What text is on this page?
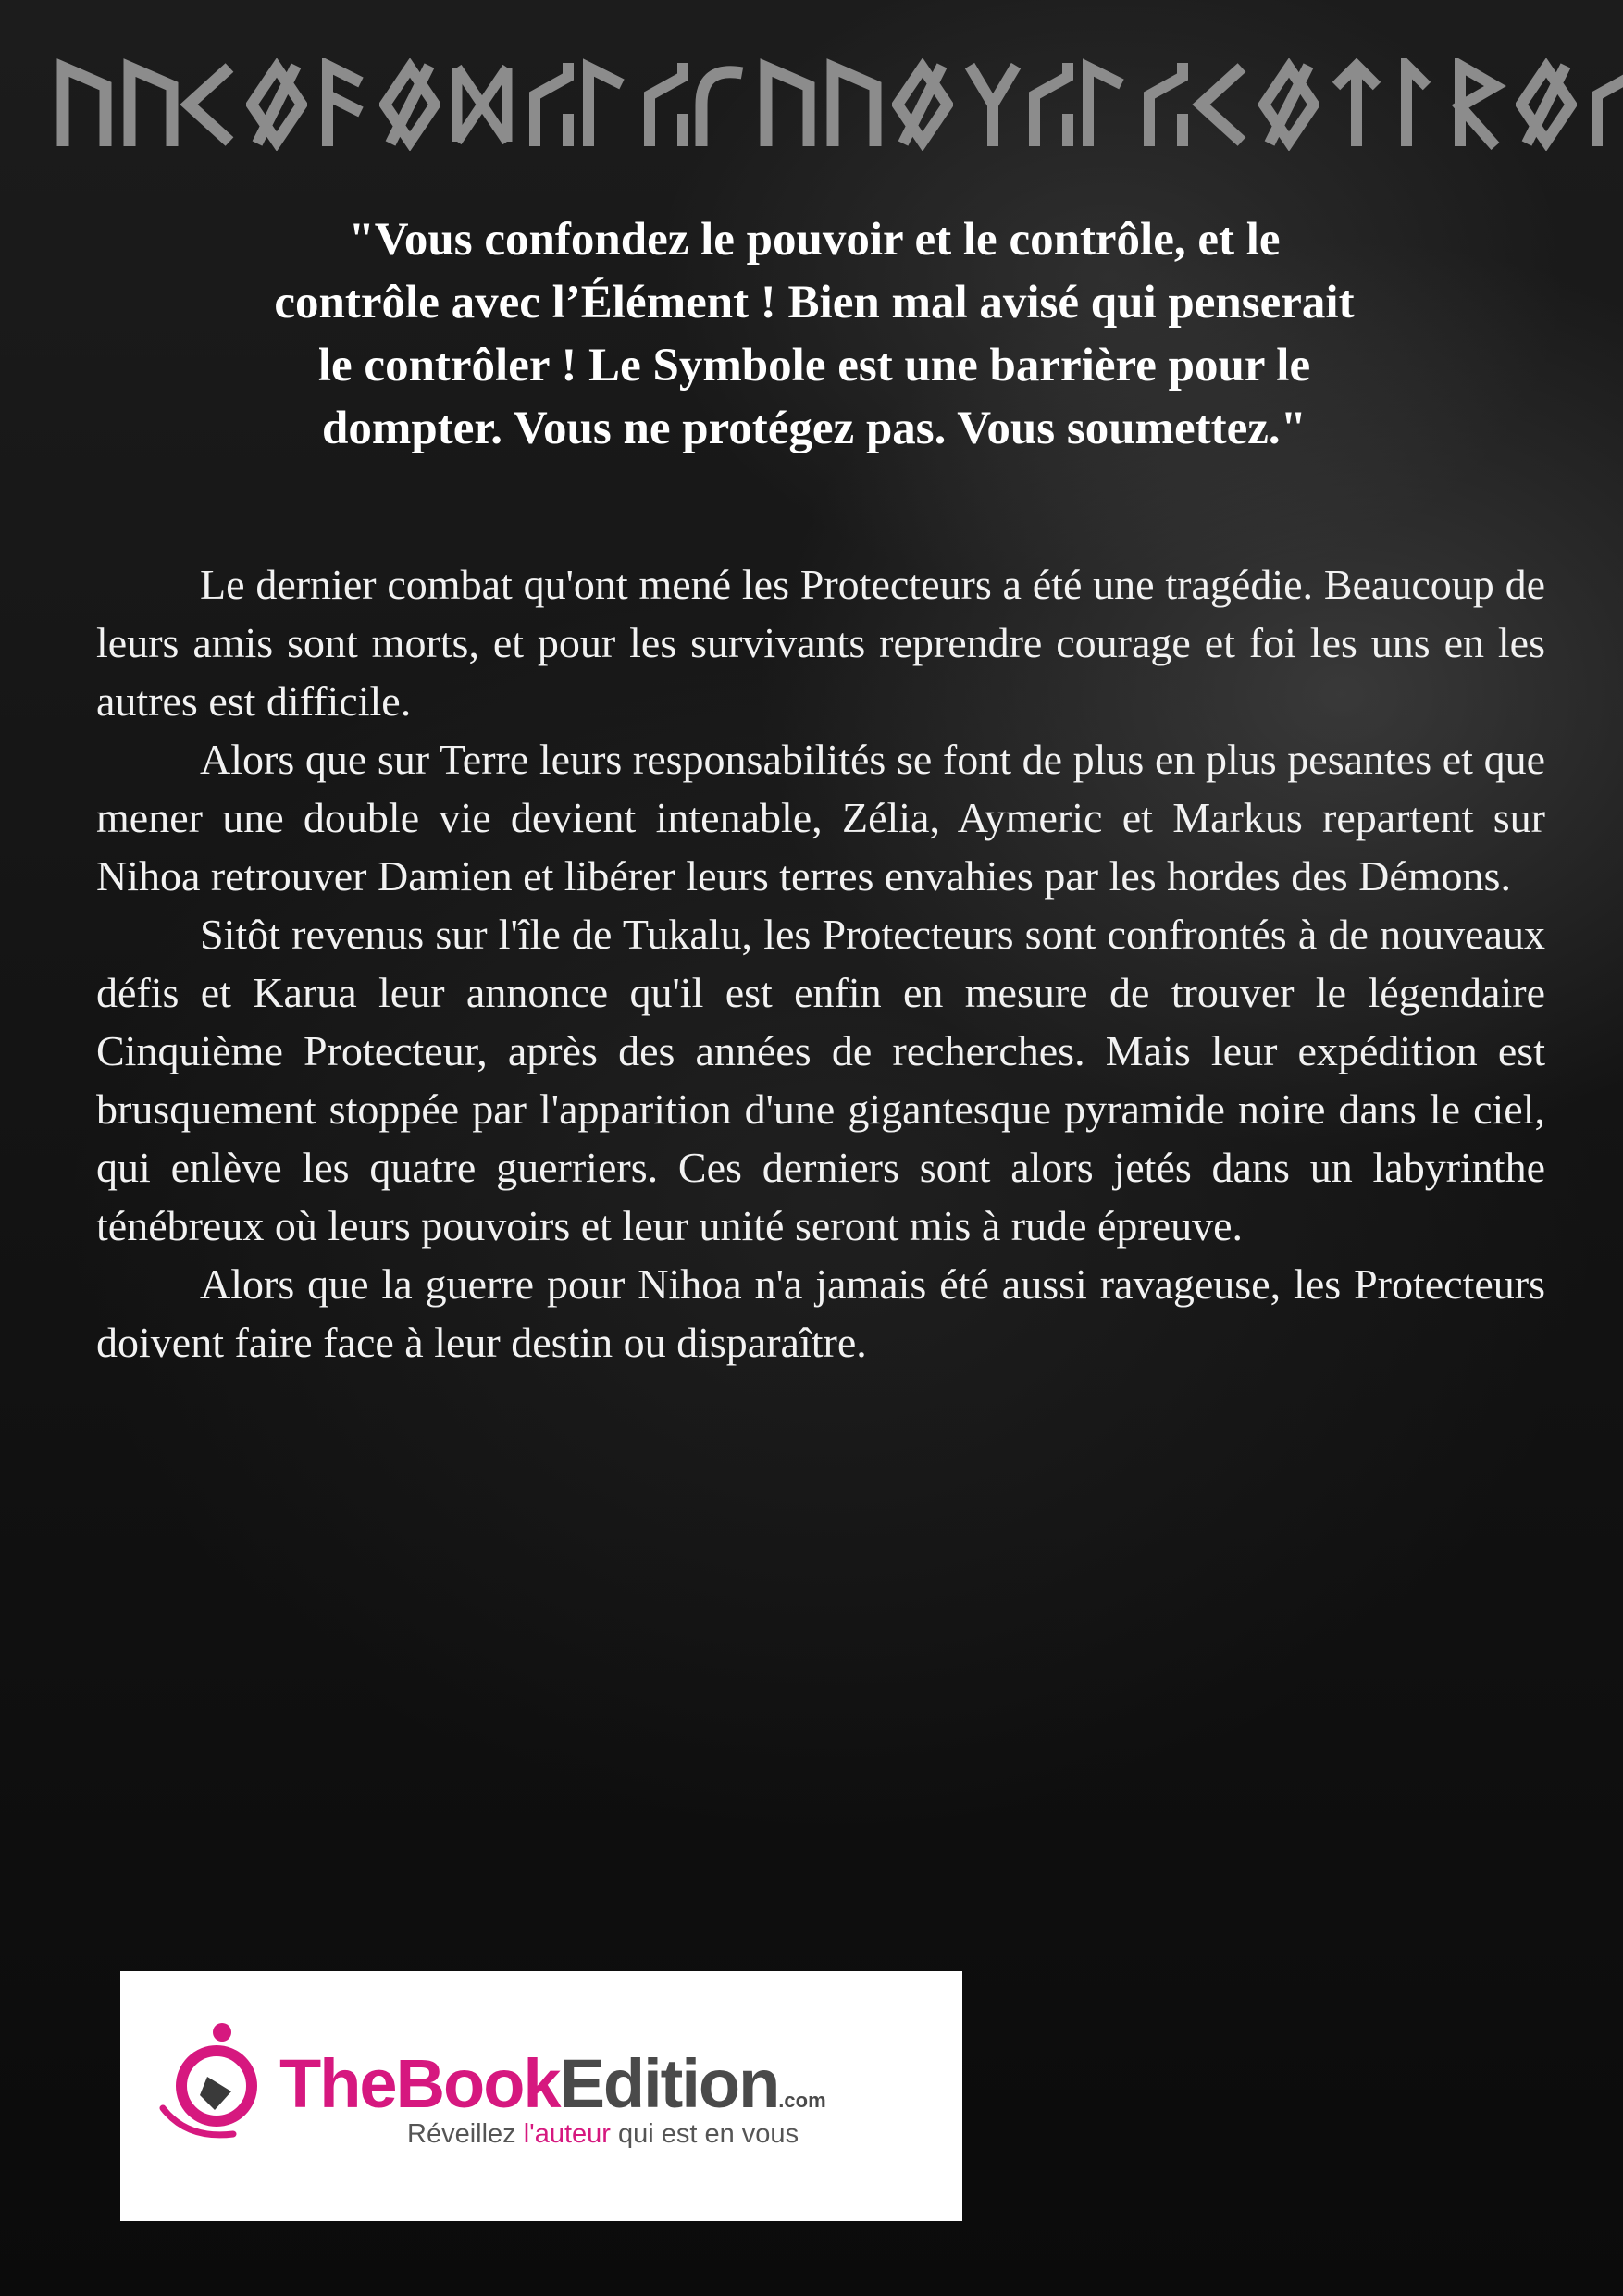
"Vous confondez le pouvoir et le contrôle, et le
contrôle avec l’Élément ! Bien mal avisé qui penserait
le contrôler ! Le Symbole est une barrière pour le
dompter. Vous ne protégez pas. Vous soumettez."

Le dernier combat qu'ont mené les Protecteurs a été une tragédie. Beaucoup de leurs amis sont morts, et pour les survivants reprendre courage et foi les uns en les autres est difficile.

Alors que sur Terre leurs responsabilités se font de plus en plus pesantes et que mener une double vie devient intenable, Zélia, Aymeric et Markus repartent sur Nihoa retrouver Damien et libérer leurs terres envahies par les hordes des Démons.

Sitôt revenus sur l'île de Tukalu, les Protecteurs sont confrontés à de nouveaux défis et Karua leur annonce qu'il est enfin en mesure de trouver le légendaire Cinquième Protecteur, après des années de recherches. Mais leur expédition est brusquement stoppée par l'apparition d'une gigantesque pyramide noire dans le ciel, qui enlève les quatre guerriers. Ces derniers sont alors jetés dans un labyrinthe ténébreux où leurs pouvoirs et leur unité seront mis à rude épreuve.

Alors que la guerre pour Nihoa n'a jamais été aussi ravageuse, les Protecteurs doivent faire face à leur destin ou disparaître.

TheBookEdition.com
Réveillez l'auteur qui est en vous
